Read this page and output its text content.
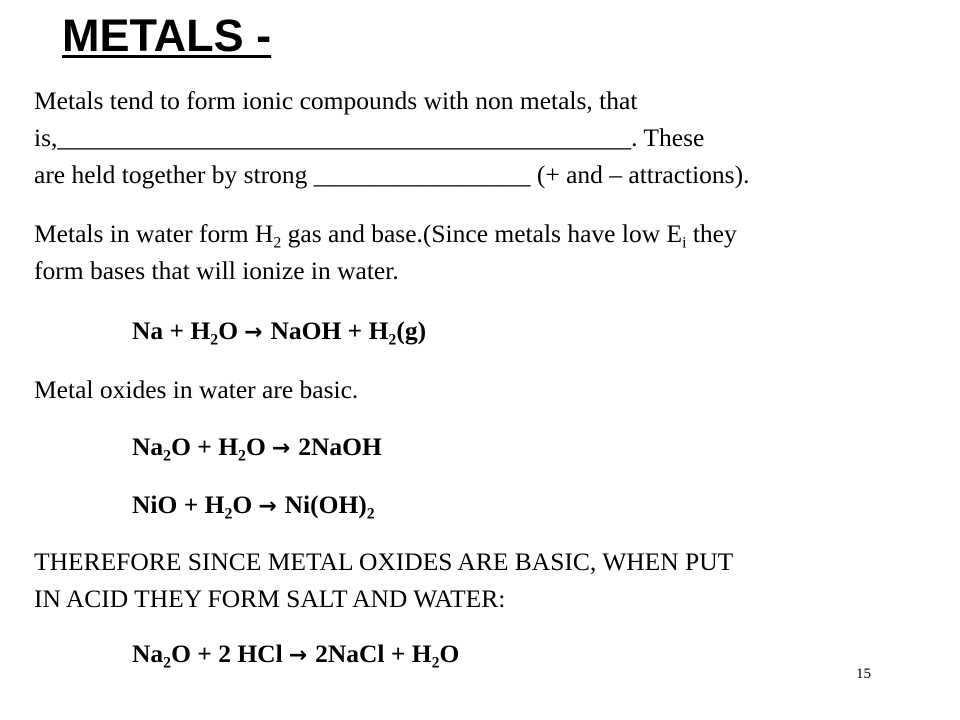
METALS -
Metals tend to form ionic compounds with non metals, that
is,_____________________________________________. These
are held together by strong _________________ (+ and – attractions).
Metals in water form $H_2$ gas and base.(Since metals have low $E_i$ they
form bases that will ionize in water.
$Na + H_2O$ → NaOH + $H_2(g)$
Metal oxides in water are basic.
$Na_2O + H_2O$ → 2NaOH
NiO + $H_2O \to Ni(OH)_2$
THEREFORE SINCE METAL OXIDES ARE BASIC, WHEN PUT
IN ACID THEY FORM SALT AND WATER:
$Na_2O + 2$ HCl → 2NaCl + $H_2O$
15
